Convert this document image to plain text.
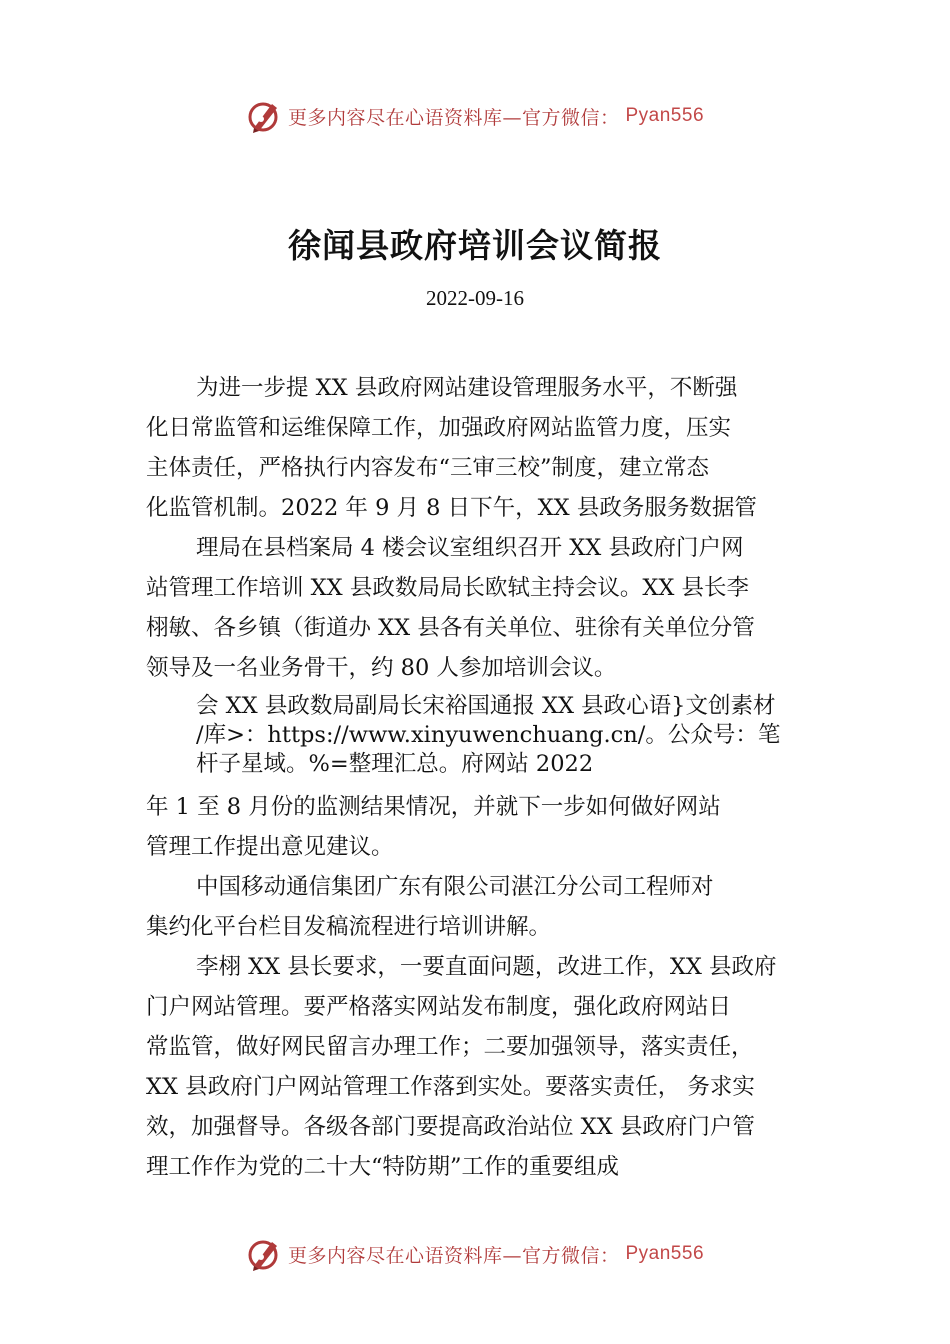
更多内容尽在心语资料库—官方微信： Pyan556
徐闻县政府培训会议简报
2022-09-16
为进一步提 XX 县政府网站建设管理服务水平，不断强
化日常监管和运维保障工作，加强政府网站监管力度，压实
主体责任，严格执行内容发布“三审三校”制度，建立常态
化监管机制。2022 年 9 月 8 日下午，XX 县政务服务数据管
理局在县档案局 4 楼会议室组织召开 XX 县政府门户网
站管理工作培训 XX 县政数局局长欧轼主持会议。XX 县长李
栩敏、各乡镇（街道办 XX 县各有关单位、驻徐有关单位分管
领导及一名业务骨干，约 80 人参加培训会议。
会 XX 县政数局副局长宋裕国通报 XX 县政心语}文创素材
/库>：https://www.xinyuwenchuang.cn/。公众号：笔
杆子星域。%=整理汇总。府网站 2022
年 1 至 8 月份的监测结果情况，并就下一步如何做好网站
管理工作提出意见建议。
中国移动通信集团广东有限公司湛江分公司工程师对
集约化平台栏目发稿流程进行培训讲解。
李栩 XX 县长要求，一要直面问题，改进工作，XX 县政府
门户网站管理。要严格落实网站发布制度，强化政府网站日
常监管，做好网民留言办理工作；二要加强领导，落实责任，
XX 县政府门户网站管理工作落到实处。要落实责任， 务求实
效，加强督导。各级各部门要提高政治站位 XX 县政府门户管
理工作作为党的二十大“特防期”工作的重要组成
更多内容尽在心语资料库—官方微信： Pyan556
